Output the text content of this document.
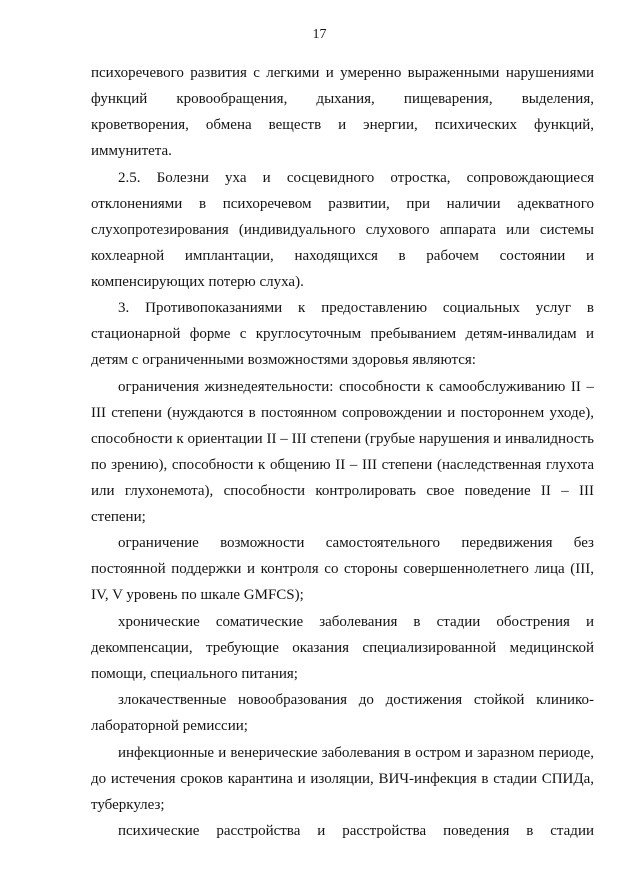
17

психоречевого развития с легкими и умеренно выраженными нарушениями функций кровообращения, дыхания, пищеварения, выделения, кроветворения, обмена веществ и энергии, психических функций, иммунитета.

2.5. Болезни уха и сосцевидного отростка, сопровождающиеся отклонениями в психоречевом развитии, при наличии адекватного слухопротезирования (индивидуального слухового аппарата или системы кохлеарной имплантации, находящихся в рабочем состоянии и компенсирующих потерю слуха).

3. Противопоказаниями к предоставлению социальных услуг в стационарной форме с круглосуточным пребыванием детям-инвалидам и детям с ограниченными возможностями здоровья являются:

ограничения жизнедеятельности: способности к самообслуживанию II – III степени (нуждаются в постоянном сопровождении и постороннем уходе), способности к ориентации II – III степени (грубые нарушения и инвалидность по зрению), способности к общению II – III степени (наследственная глухота или глухонемота), способности контролировать свое поведение II – III степени;

ограничение возможности самостоятельного передвижения без постоянной поддержки и контроля со стороны совершеннолетнего лица (III, IV, V уровень по шкале GMFCS);

хронические соматические заболевания в стадии обострения и декомпенсации, требующие оказания специализированной медицинской помощи, специального питания;

злокачественные новообразования до достижения стойкой клинико-лабораторной ремиссии;

инфекционные и венерические заболевания в остром и заразном периоде, до истечения сроков карантина и изоляции, ВИЧ-инфекция в стадии СПИДа, туберкулез;

психические расстройства и расстройства поведения в стадии
